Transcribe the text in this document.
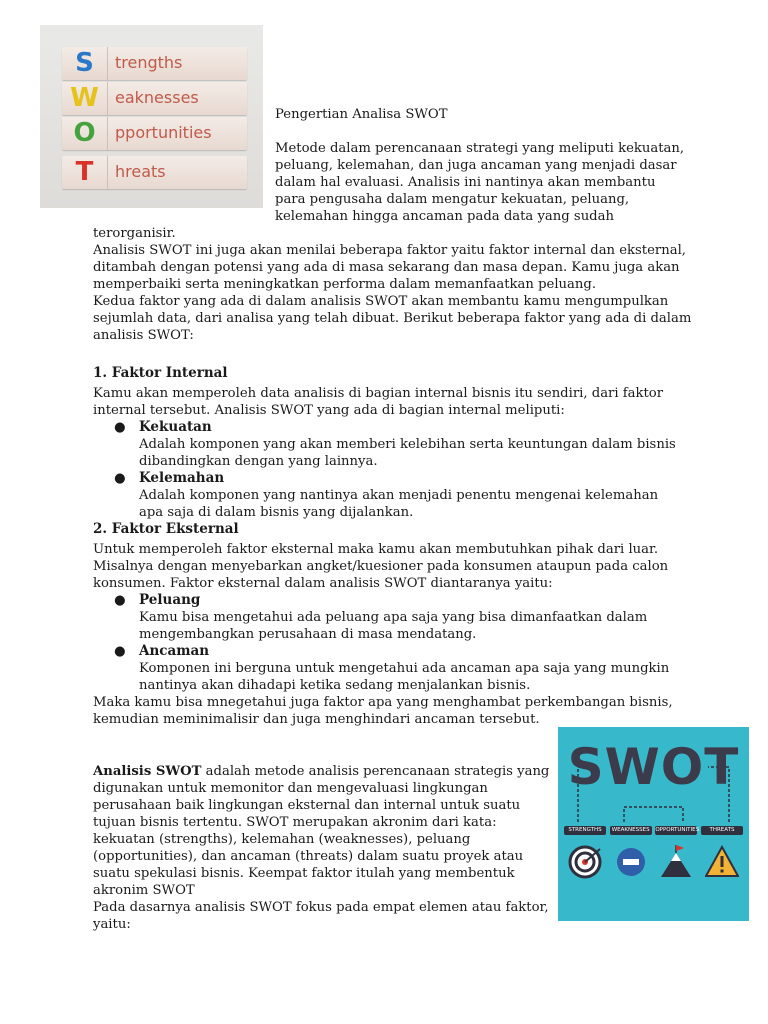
S	trengths
W	eaknesses
O	pportunities
T	hreats
Pengertian Analisa SWOT
Metode dalam perencanaan strategi yang meliputi kekuatan,
peluang, kelemahan, dan juga ancaman yang menjadi dasar
dalam hal evaluasi. Analisis ini nantinya akan membantu
para pengusaha dalam mengatur kekuatan, peluang,
kelemahan hingga ancaman pada data yang sudah
terorganisir.
Analisis SWOT ini juga akan menilai beberapa faktor yaitu faktor internal dan eksternal,
ditambah dengan potensi yang ada di masa sekarang dan masa depan. Kamu juga akan
memperbaiki serta meningkatkan performa dalam memanfaatkan peluang.
Kedua faktor yang ada di dalam analisis SWOT akan membantu kamu mengumpulkan
sejumlah data, dari analisa yang telah dibuat. Berikut beberapa faktor yang ada di dalam
analisis SWOT:
1. Faktor Internal
Kamu akan memperoleh data analisis di bagian internal bisnis itu sendiri, dari faktor
internal tersebut. Analisis SWOT yang ada di bagian internal meliputi:
● Kekuatan
Adalah komponen yang akan memberi kelebihan serta keuntungan dalam bisnis
dibandingkan dengan yang lainnya.
● Kelemahan
Adalah komponen yang nantinya akan menjadi penentu mengenai kelemahan
apa saja di dalam bisnis yang dijalankan.
2. Faktor Eksternal
Untuk memperoleh faktor eksternal maka kamu akan membutuhkan pihak dari luar.
Misalnya dengan menyebarkan angket/kuesioner pada konsumen ataupun pada calon
konsumen. Faktor eksternal dalam analisis SWOT diantaranya yaitu:
● Peluang
Kamu bisa mengetahui ada peluang apa saja yang bisa dimanfaatkan dalam
mengembangkan perusahaan di masa mendatang.
● Ancaman
Komponen ini berguna untuk mengetahui ada ancaman apa saja yang mungkin
nantinya akan dihadapi ketika sedang menjalankan bisnis.
Maka kamu bisa mnegetahui juga faktor apa yang menghambat perkembangan bisnis,
kemudian meminimalisir dan juga menghindari ancaman tersebut.
Analisis SWOT adalah metode analisis perencanaan strategis yang
digunakan untuk memonitor dan mengevaluasi lingkungan
perusahaan baik lingkungan eksternal dan internal untuk suatu
tujuan bisnis tertentu. SWOT merupakan akronim dari kata:
kekuatan (strengths), kelemahan (weaknesses), peluang
(opportunities), dan ancaman (threats) dalam suatu proyek atau
suatu spekulasi bisnis. Keempat faktor itulah yang membentuk
akronim SWOT
Pada dasarnya analisis SWOT fokus pada empat elemen atau faktor,
yaitu:
SWOT
STRENGTHS	WEAKNESSES	OPPORTUNITIES	THREATS
